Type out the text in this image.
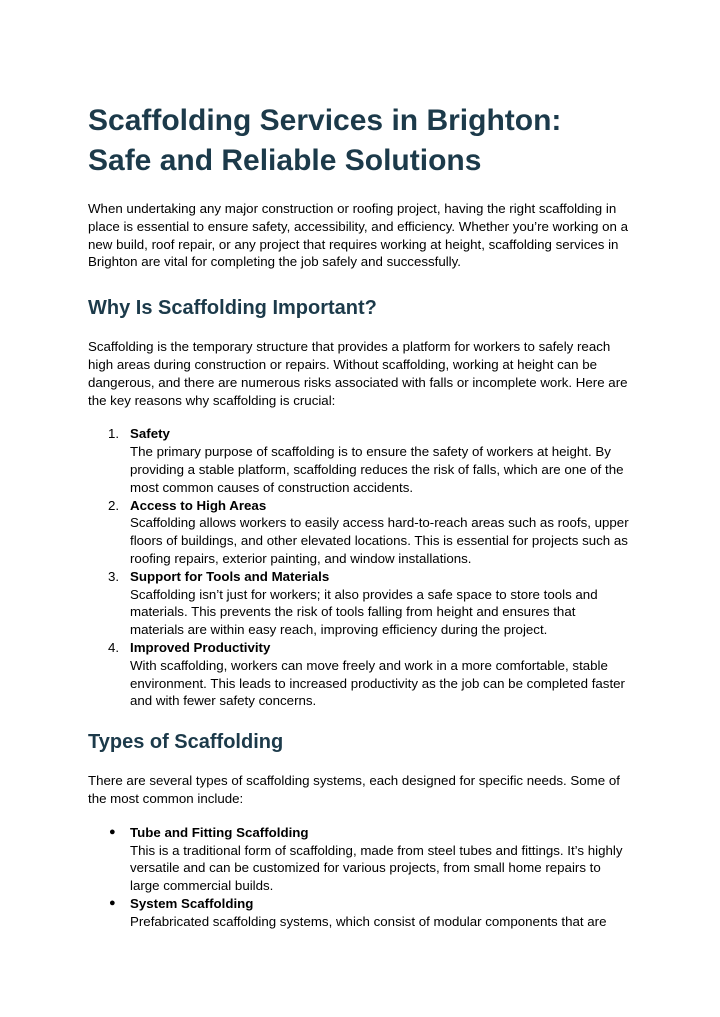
Scaffolding Services in Brighton: Safe and Reliable Solutions

When undertaking any major construction or roofing project, having the right scaffolding in place is essential to ensure safety, accessibility, and efficiency. Whether you’re working on a new build, roof repair, or any project that requires working at height, scaffolding services in Brighton are vital for completing the job safely and successfully.

Why Is Scaffolding Important?

Scaffolding is the temporary structure that provides a platform for workers to safely reach high areas during construction or repairs. Without scaffolding, working at height can be dangerous, and there are numerous risks associated with falls or incomplete work. Here are the key reasons why scaffolding is crucial:

1. Safety
The primary purpose of scaffolding is to ensure the safety of workers at height. By providing a stable platform, scaffolding reduces the risk of falls, which are one of the most common causes of construction accidents.
2. Access to High Areas
Scaffolding allows workers to easily access hard-to-reach areas such as roofs, upper floors of buildings, and other elevated locations. This is essential for projects such as roofing repairs, exterior painting, and window installations.
3. Support for Tools and Materials
Scaffolding isn’t just for workers; it also provides a safe space to store tools and materials. This prevents the risk of tools falling from height and ensures that materials are within easy reach, improving efficiency during the project.
4. Improved Productivity
With scaffolding, workers can move freely and work in a more comfortable, stable environment. This leads to increased productivity as the job can be completed faster and with fewer safety concerns.
Types of Scaffolding

There are several types of scaffolding systems, each designed for specific needs. Some of the most common include:

● Tube and Fitting Scaffolding
This is a traditional form of scaffolding, made from steel tubes and fittings. It’s highly versatile and can be customized for various projects, from small home repairs to large commercial builds.
● System Scaffolding
Prefabricated scaffolding systems, which consist of modular components that are
